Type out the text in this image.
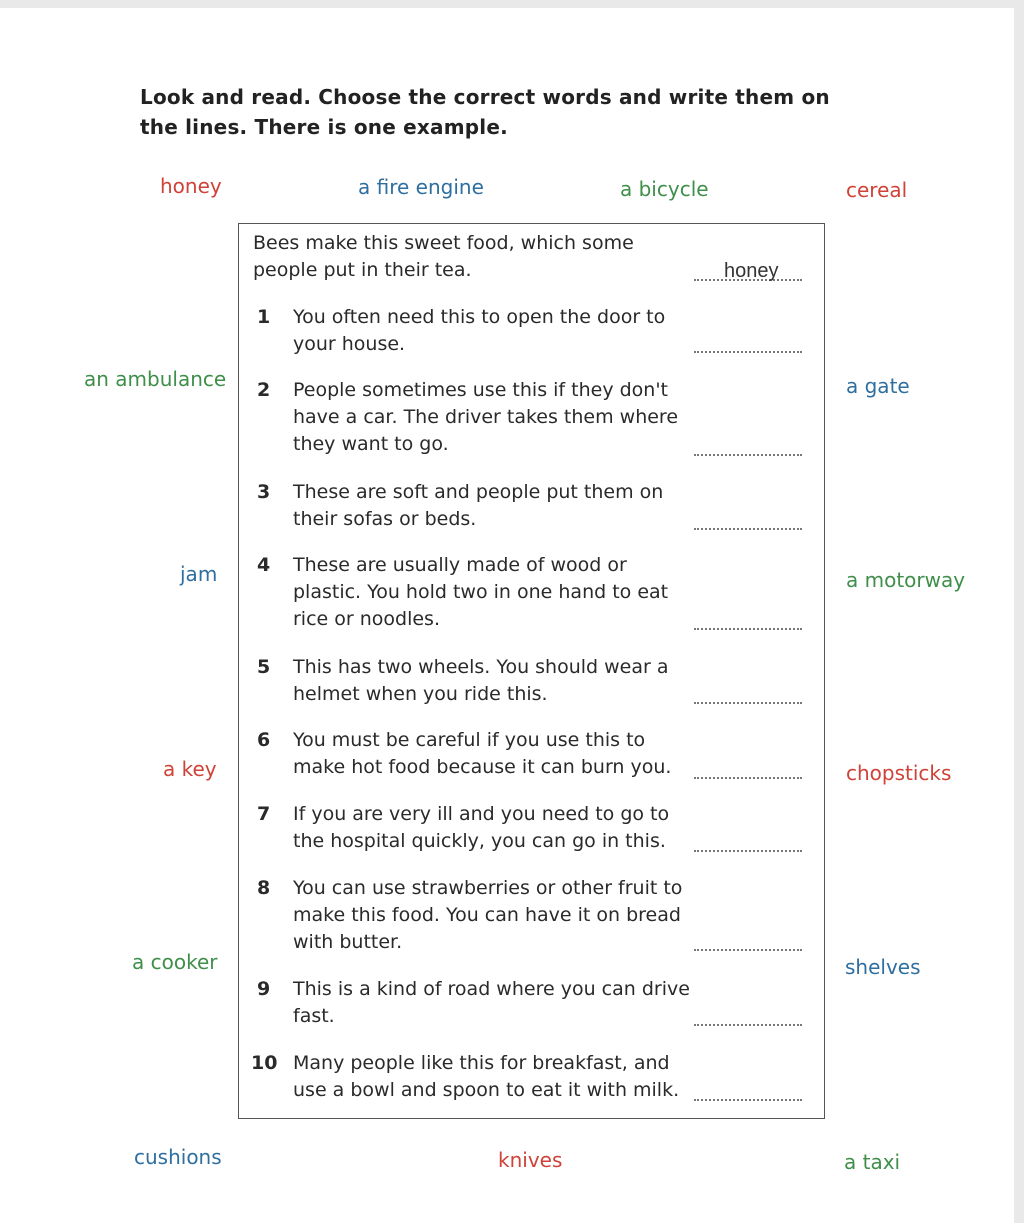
Look and read. Choose the correct words and write them on the lines. There is one example.
honey	a fire engine	a bicycle	cereal
an ambulance	a gate
jam	a motorway
a key	chopsticks
a cooker	shelves
cushions	knives	a taxi
Bees make this sweet food, which some people put in their tea.	honey
1 You often need this to open the door to your house.
2 People sometimes use this if they don't have a car. The driver takes them where they want to go.
3 These are soft and people put them on their sofas or beds.
4 These are usually made of wood or plastic. You hold two in one hand to eat rice or noodles.
5 This has two wheels. You should wear a helmet when you ride this.
6 You must be careful if you use this to make hot food because it can burn you.
7 If you are very ill and you need to go to the hospital quickly, you can go in this.
8 You can use strawberries or other fruit to make this food. You can have it on bread with butter.
9 This is a kind of road where you can drive fast.
10 Many people like this for breakfast, and use a bowl and spoon to eat it with milk.
